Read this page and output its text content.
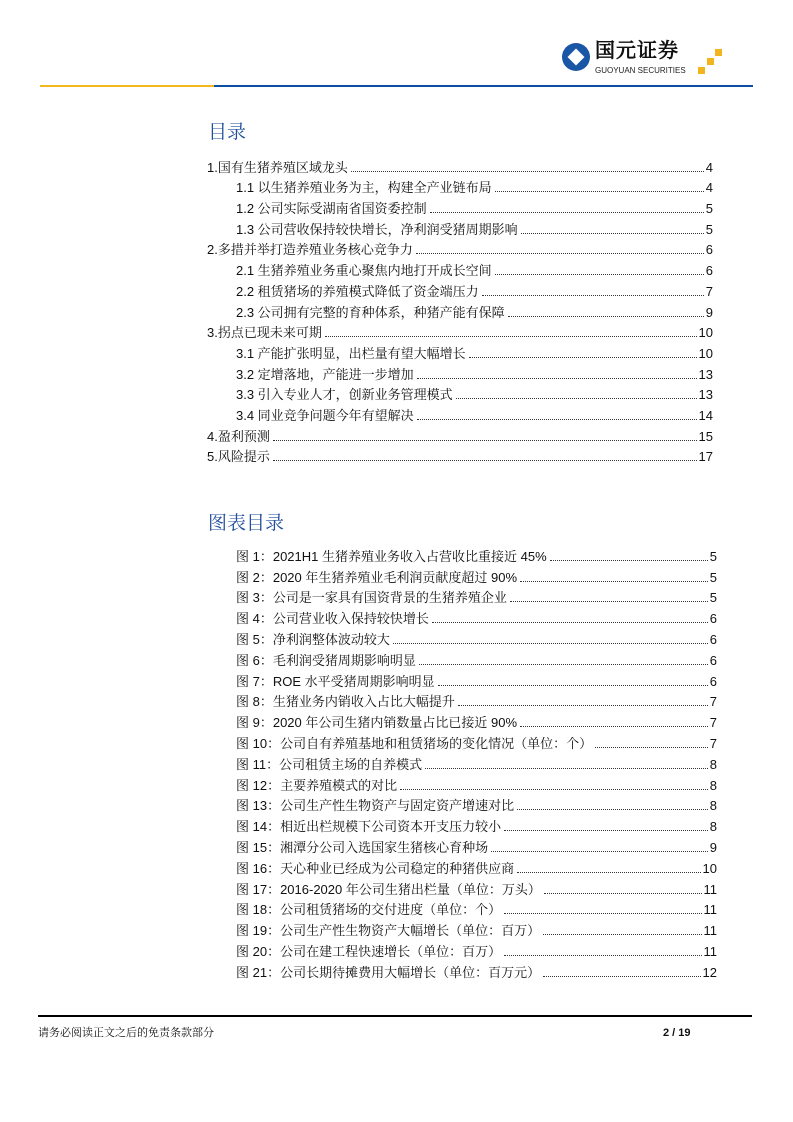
国元证券
GUOYUAN SECURITIES
目录
1.国有生猪养殖区域龙头	4
1.1 以生猪养殖业务为主，构建全产业链布局	4
1.2 公司实际受湖南省国资委控制	5
1.3 公司营收保持较快增长，净利润受猪周期影响	5
2.多措并举打造养殖业务核心竞争力	6
2.1 生猪养殖业务重心聚焦内地打开成长空间	6
2.2 租赁猪场的养殖模式降低了资金端压力	7
2.3 公司拥有完整的育种体系，种猪产能有保障	9
3.拐点已现未来可期	10
3.1 产能扩张明显，出栏量有望大幅增长	10
3.2 定增落地，产能进一步增加	13
3.3 引入专业人才，创新业务管理模式	13
3.4 同业竞争问题今年有望解决	14
4.盈利预测	15
5.风险提示	17
图表目录
图 1：2021H1 生猪养殖业务收入占营收比重接近 45%	5
图 2：2020 年生猪养殖业毛利润贡献度超过 90%	5
图 3：公司是一家具有国资背景的生猪养殖企业	5
图 4：公司营业收入保持较快增长	6
图 5：净利润整体波动较大	6
图 6：毛利润受猪周期影响明显	6
图 7：ROE 水平受猪周期影响明显	6
图 8：生猪业务内销收入占比大幅提升	7
图 9：2020 年公司生猪内销数量占比已接近 90%	7
图 10：公司自有养殖基地和租赁猪场的变化情况（单位：个）	7
图 11：公司租赁主场的自养模式	8
图 12：主要养殖模式的对比	8
图 13：公司生产性生物资产与固定资产增速对比	8
图 14：相近出栏规模下公司资本开支压力较小	8
图 15：湘潭分公司入选国家生猪核心育种场	9
图 16：天心种业已经成为公司稳定的种猪供应商	10
图 17：2016-2020 年公司生猪出栏量（单位：万头）	11
图 18：公司租赁猪场的交付进度（单位：个）	11
图 19：公司生产性生物资产大幅增长（单位：百万）	11
图 20：公司在建工程快速增长（单位：百万）	11
图 21：公司长期待摊费用大幅增长（单位：百万元）	12
请务必阅读正文之后的免责条款部分	2 / 19
